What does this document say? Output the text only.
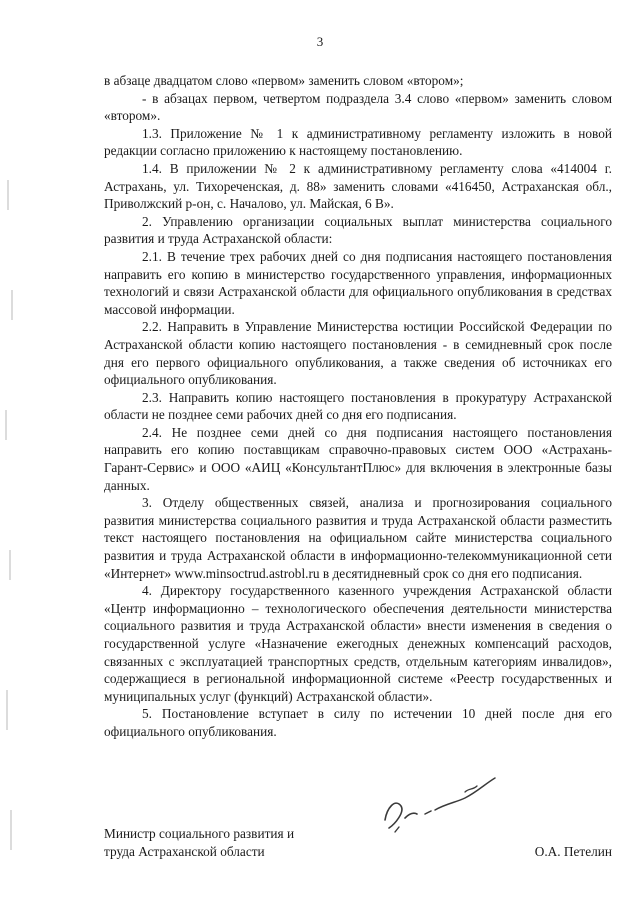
3

в абзаце двадцатом слово «первом» заменить словом «втором»;

- в абзацах первом, четвертом подраздела 3.4 слово «первом» заменить словом «втором».

1.3. Приложение № 1 к административному регламенту изложить в новой редакции согласно приложению к настоящему постановлению.

1.4. В приложении № 2 к административному регламенту слова «414004 г. Астрахань, ул. Тихореченская, д. 88» заменить словами «416450, Астраханская обл., Приволжский р-он, с. Началово, ул. Майская, 6 В».

2. Управлению организации социальных выплат министерства социального развития и труда Астраханской области:

2.1. В течение трех рабочих дней со дня подписания настоящего постановления направить его копию в министерство государственного управления, информационных технологий и связи Астраханской области для официального опубликования в средствах массовой информации.

2.2. Направить в Управление Министерства юстиции Российской Федерации по Астраханской области копию настоящего постановления - в семидневный срок после дня его первого официального опубликования, а также сведения об источниках его официального опубликования.

2.3. Направить копию настоящего постановления в прокуратуру Астраханской области не позднее семи рабочих дней со дня его подписания.

2.4. Не позднее семи дней со дня подписания настоящего постановления направить его копию поставщикам справочно-правовых систем ООО «Астрахань-Гарант-Сервис» и ООО «АИЦ «КонсультантПлюс» для включения в электронные базы данных.

3. Отделу общественных связей, анализа и прогнозирования социального развития министерства социального развития и труда Астраханской области разместить текст настоящего постановления на официальном сайте министерства социального развития и труда Астраханской области в информационно-телекоммуникационной сети «Интернет» www.minsoctrud.astrobl.ru в десятидневный срок со дня его подписания.

4. Директору государственного казенного учреждения Астраханской области «Центр информационно – технологического обеспечения деятельности министерства социального развития и труда Астраханской области» внести изменения в сведения о государственной услуге «Назначение ежегодных денежных компенсаций расходов, связанных с эксплуатацией транспортных средств, отдельным категориям инвалидов», содержащиеся в региональной информационной системе «Реестр государственных и муниципальных услуг (функций) Астраханской области».

5. Постановление вступает в силу по истечении 10 дней после дня его официального опубликования.

Министр социального развития и труда Астраханской области	О.А. Петелин
